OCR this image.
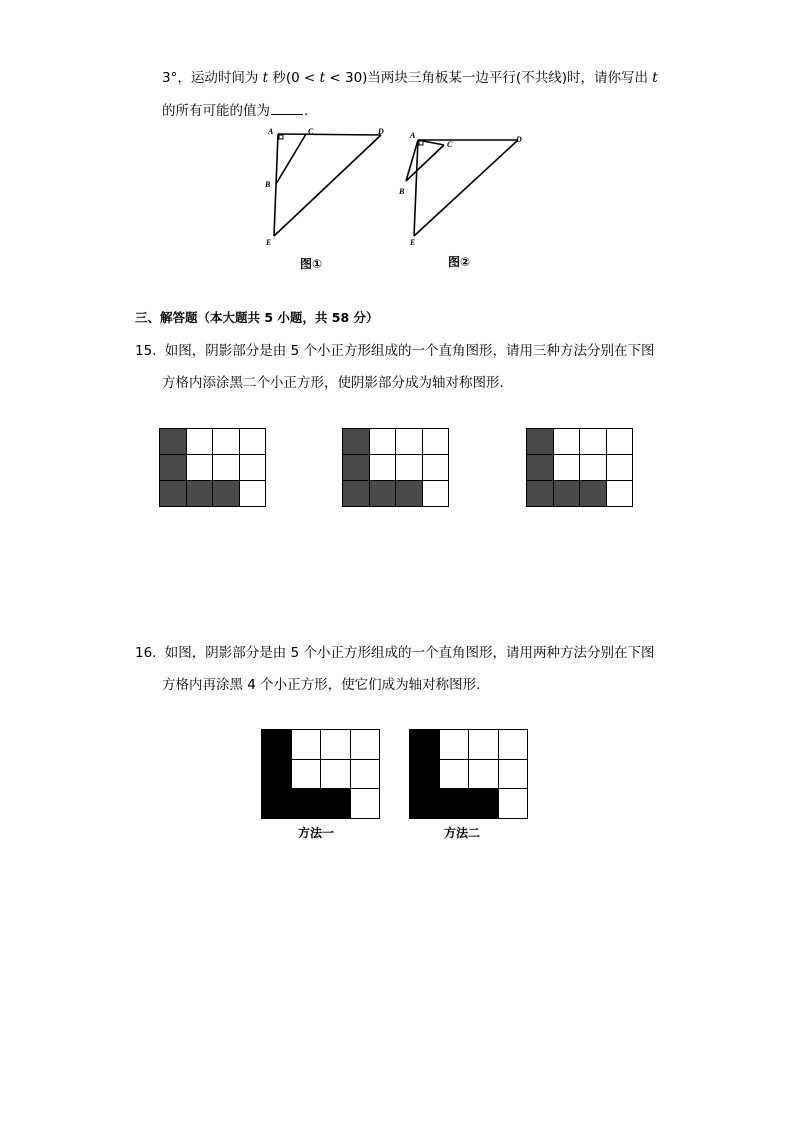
3°，运动时间为 t 秒(0 < t < 30)当两块三角板某一边平行(不共线)时，请你写出 t
的所有可能的值为	.
A
B
C	D
E
图①
A
B
C
D
E
图②
三、解答题（本大题共 5 小题，共 58 分）
15. 如图，阴影部分是由 5 个小正方形组成的一个直角图形，请用三种方法分别在下图
方格内添涂黑二个小正方形，使阴影部分成为轴对称图形.
16. 如图，阴影部分是由 5 个小正方形组成的一个直角图形，请用两种方法分别在下图
方格内再涂黑 4 个小正方形，使它们成为轴对称图形.
方法一	方法二
